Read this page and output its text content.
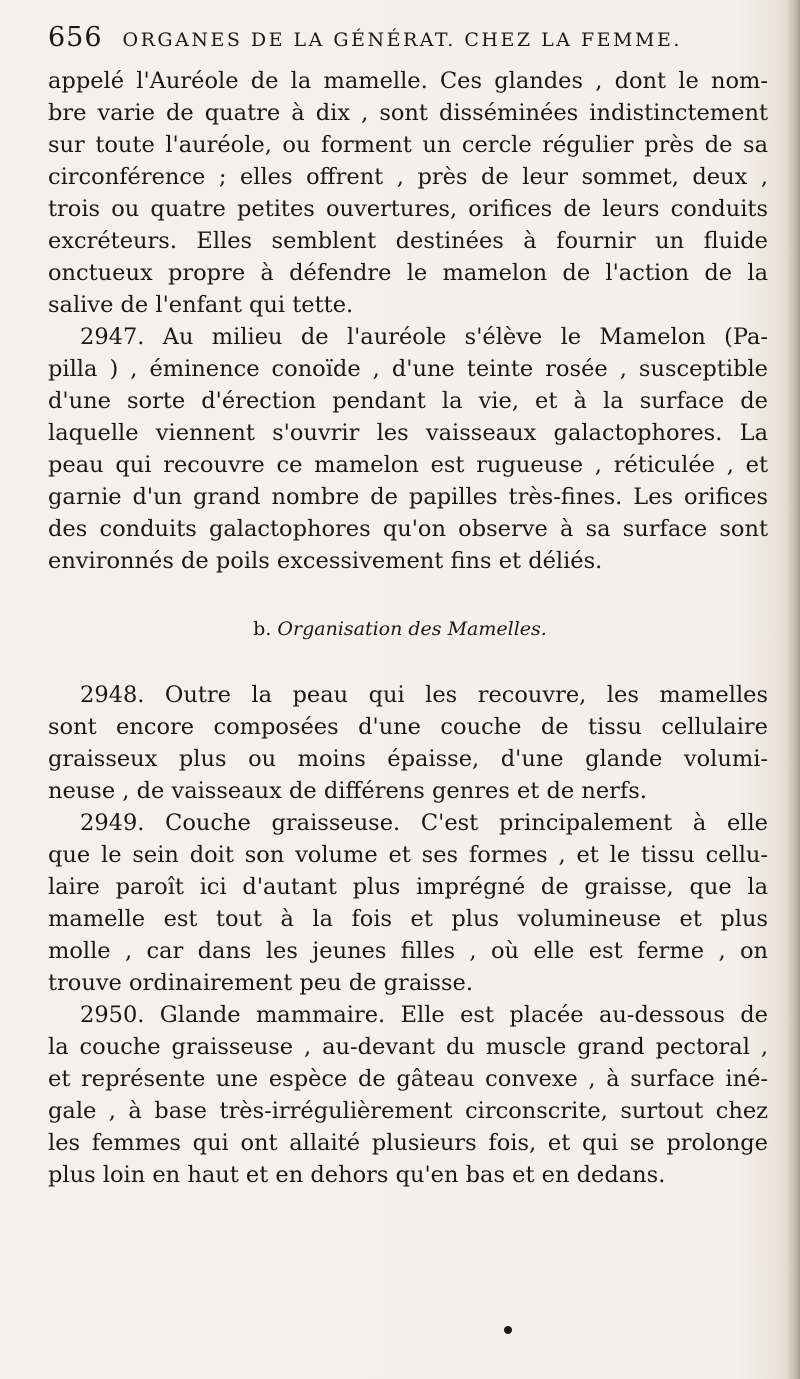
656 ORGANES DE LA GÉNÉRAT. CHEZ LA FEMME.
appelé l'Auréole de la mamelle. Ces glandes , dont le nom-
bre varie de quatre à dix , sont disséminées indistinctement
sur toute l'auréole, ou forment un cercle régulier près de sa
circonférence ; elles offrent , près de leur sommet, deux ,
trois ou quatre petites ouvertures, orifices de leurs conduits
excréteurs. Elles semblent destinées à fournir un fluide
onctueux propre à défendre le mamelon de l'action de la
salive de l'enfant qui tette.
2947. Au milieu de l'auréole s'élève le Mamelon (Pa-
pilla ) , éminence conoïde , d'une teinte rosée , susceptible
d'une sorte d'érection pendant la vie, et à la surface de
laquelle viennent s'ouvrir les vaisseaux galactophores. La
peau qui recouvre ce mamelon est rugueuse , réticulée , et
garnie d'un grand nombre de papilles très-fines. Les orifices
des conduits galactophores qu'on observe à sa surface sont
environnés de poils excessivement fins et déliés.
b. Organisation des Mamelles.
2948. Outre la peau qui les recouvre, les mamelles
sont encore composées d'une couche de tissu cellulaire
graisseux plus ou moins épaisse, d'une glande volumi-
neuse , de vaisseaux de différens genres et de nerfs.
2949. Couche graisseuse. C'est principalement à elle
que le sein doit son volume et ses formes , et le tissu cellu-
laire paroît ici d'autant plus imprégné de graisse, que la
mamelle est tout à la fois et plus volumineuse et plus
molle , car dans les jeunes filles , où elle est ferme , on
trouve ordinairement peu de graisse.
2950. Glande mammaire. Elle est placée au-dessous de
la couche graisseuse , au-devant du muscle grand pectoral ,
et représente une espèce de gâteau convexe , à surface iné-
gale , à base très-irrégulièrement circonscrite, surtout chez
les femmes qui ont allaité plusieurs fois, et qui se prolonge
plus loin en haut et en dehors qu'en bas et en dedans.
